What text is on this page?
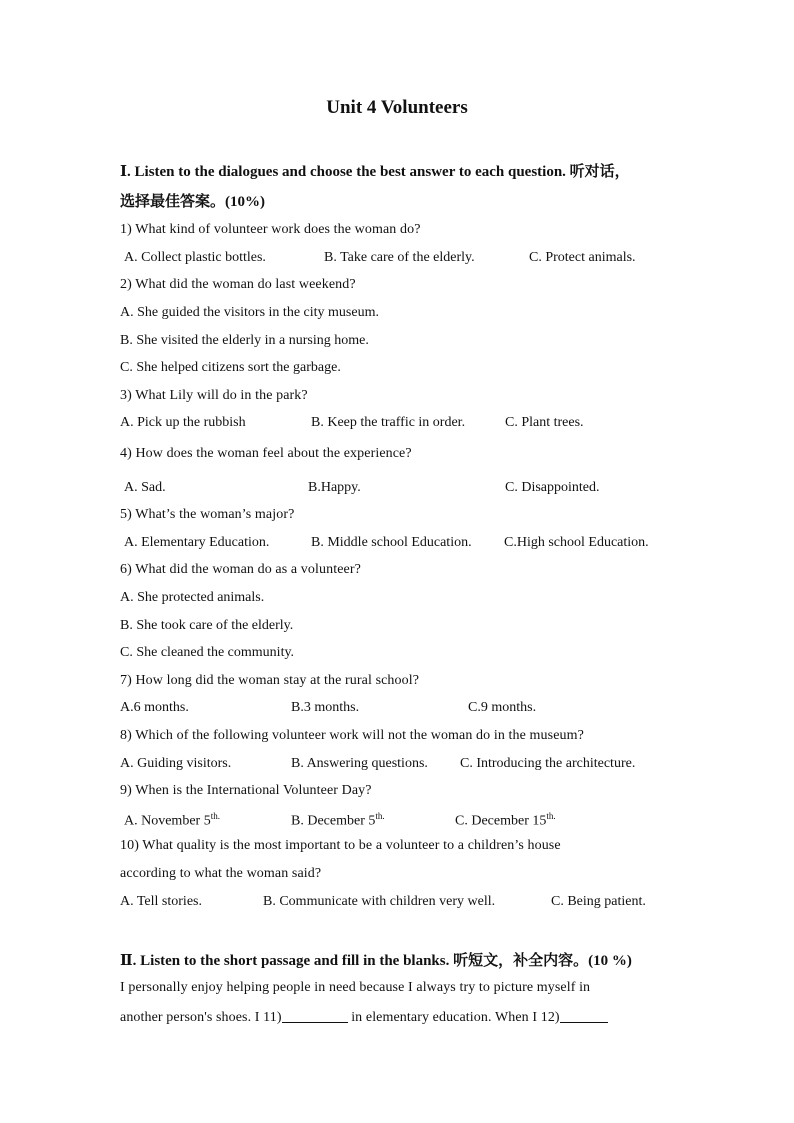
Unit 4 Volunteers
Ⅰ. Listen to the dialogues and choose the best answer to each question. 听对话，
选择最佳答案。(10%)
1) What kind of volunteer work does the woman do?
A. Collect plastic bottles.	B. Take care of the elderly.	C. Protect animals.
2) What did the woman do last weekend?
A. She guided the visitors in the city museum.
B. She visited the elderly in a nursing home.
C. She helped citizens sort the garbage.
3) What Lily will do in the park?
A. Pick up the rubbish	B. Keep the traffic in order.	C. Plant trees.
4) How does the woman feel about the experience?
A. Sad.	B.Happy.	C. Disappointed.
5) What’s the woman’s major?
A. Elementary Education.	B. Middle school Education. C.High school Education.
6) What did the woman do as a volunteer?
A. She protected animals.
B. She took care of the elderly.
C. She cleaned the community.
7) How long did the woman stay at the rural school?
A.6 months.	B.3 months.	C.9 months.
8) Which of the following volunteer work will not the woman do in the museum?
A. Guiding visitors.	B. Answering questions. C. Introducing the architecture.
9) When is the International Volunteer Day?
A. November $5^{th.}$	B. December $5^{th.}$	C. December $15^{th.}$
10) What quality is the most important to be a volunteer to a children’s house
according to what the woman said?
A. Tell stories.	B. Communicate with children very well.	C. Being patient.
Ⅱ. Listen to the short passage and fill in the blanks. 听短文，补全内容。(10 %)
I personally enjoy helping people in need because I always try to picture myself in
another person's shoes. I 11)	in elementary education. When I 12)
